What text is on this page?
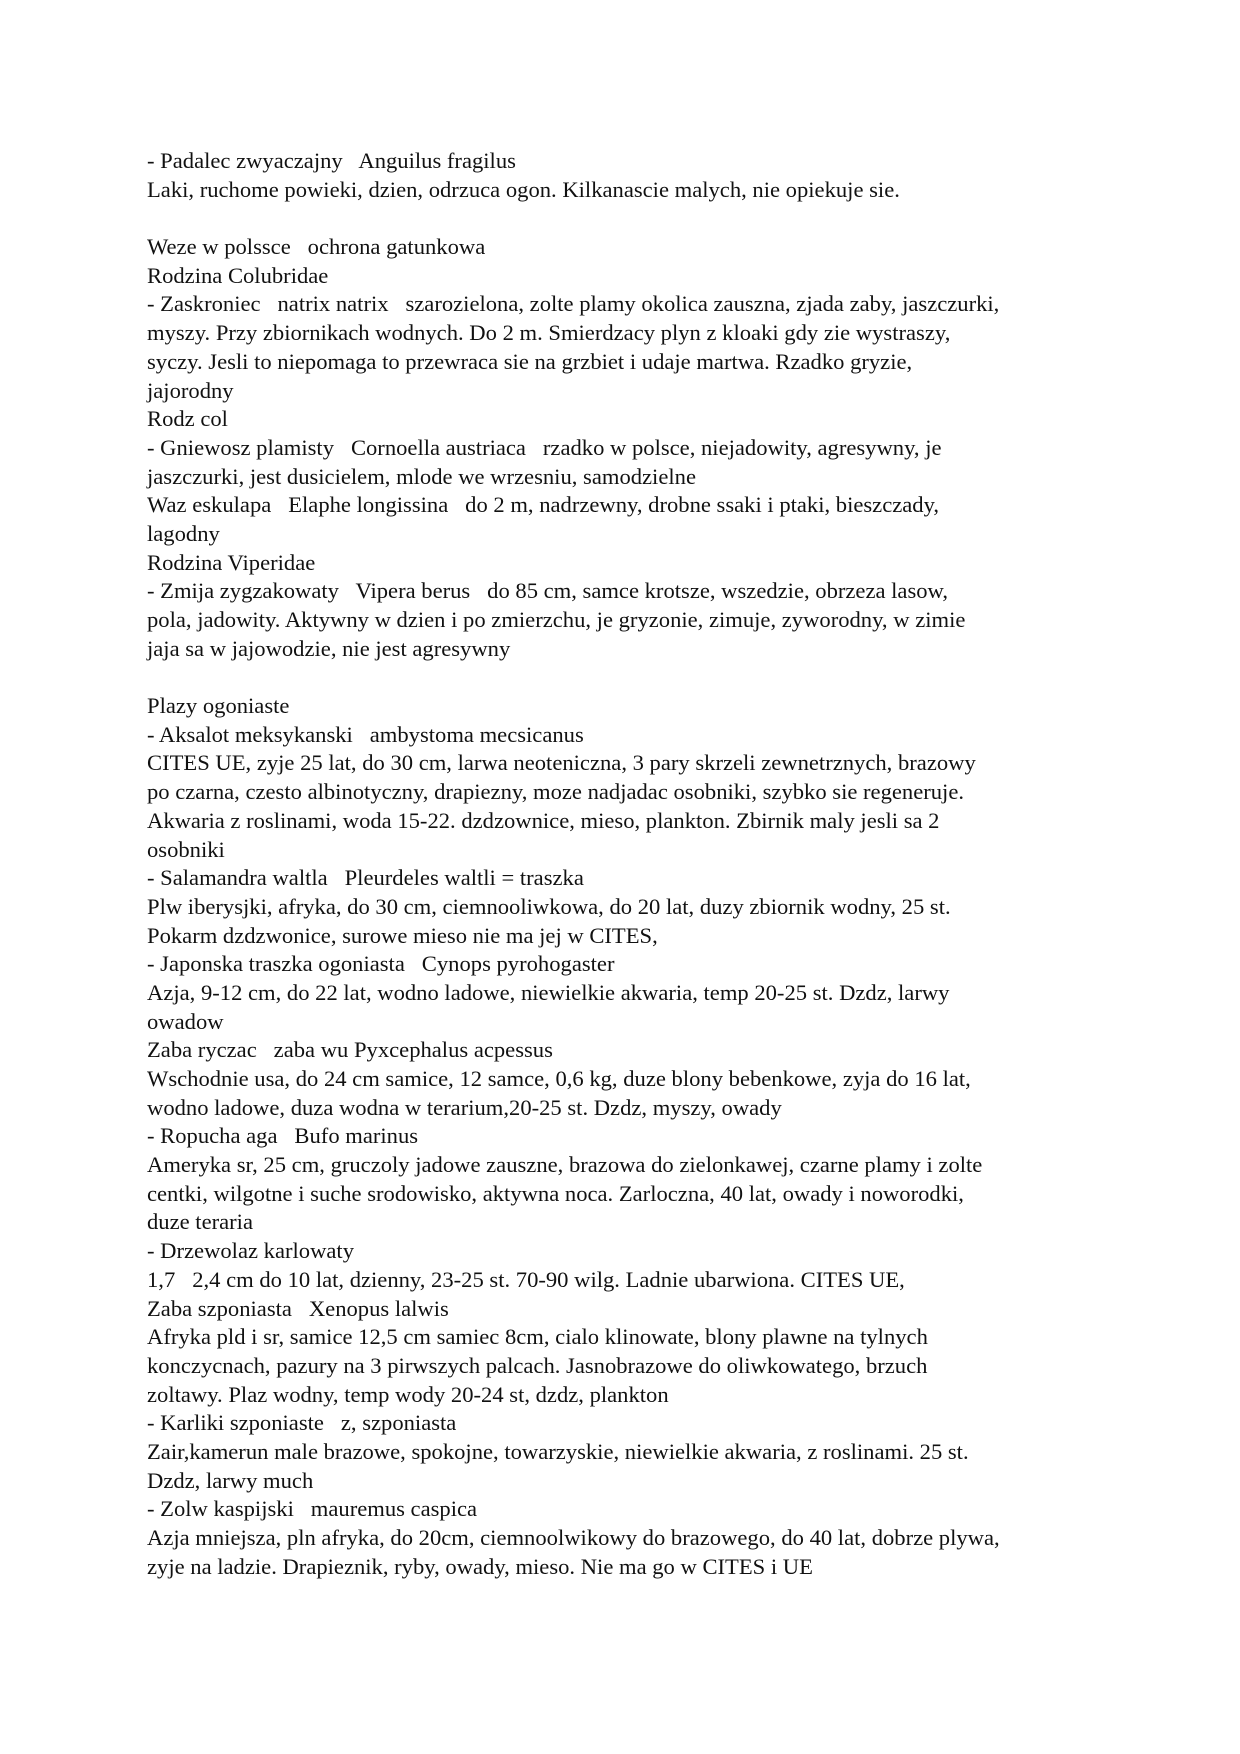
- Padalec zwyaczajny   Anguilus fragilus
Laki, ruchome powieki, dzien, odrzuca ogon. Kilkanascie malych, nie opiekuje sie.
Weze w polssce   ochrona gatunkowa
Rodzina Colubridae
- Zaskroniec   natrix natrix   szarozielona, zolte plamy okolica zauszna, zjada zaby, jaszczurki,
myszy. Przy zbiornikach wodnych. Do 2 m. Smierdzacy plyn z kloaki gdy zie wystraszy,
syczy. Jesli to niepomaga to przewraca sie na grzbiet i udaje martwa. Rzadko gryzie,
jajorodny
Rodz col
- Gniewosz plamisty   Cornoella austriaca   rzadko w polsce, niejadowity, agresywny, je
jaszczurki, jest dusicielem, mlode we wrzesniu, samodzielne
Waz eskulapa   Elaphe longissina   do 2 m, nadrzewny, drobne ssaki i ptaki, bieszczady,
lagodny
Rodzina Viperidae
- Zmija zygzakowaty   Vipera berus   do 85 cm, samce krotsze, wszedzie, obrzeza lasow,
pola, jadowity. Aktywny w dzien i po zmierzchu, je gryzonie, zimuje, zyworodny, w zimie
jaja sa w jajowodzie, nie jest agresywny
Plazy ogoniaste
- Aksalot meksykanski   ambystoma mecsicanus
CITES UE, zyje 25 lat, do 30 cm, larwa neoteniczna, 3 pary skrzeli zewnetrznych, brazowy
po czarna, czesto albinotyczny, drapiezny, moze nadjadac osobniki, szybko sie regeneruje.
Akwaria z roslinami, woda 15-22. dzdzownice, mieso, plankton. Zbirnik maly jesli sa 2
osobniki
- Salamandra waltla   Pleurdeles waltli = traszka
Plw iberysjki, afryka, do 30 cm, ciemnooliwkowa, do 20 lat, duzy zbiornik wodny, 25 st.
Pokarm dzdzwonice, surowe mieso nie ma jej w CITES,
- Japonska traszka ogoniasta   Cynops pyrohogaster
Azja, 9-12 cm, do 22 lat, wodno ladowe, niewielkie akwaria, temp 20-25 st. Dzdz, larwy
owadow
Zaba ryczac   zaba wu Pyxcephalus acpessus
Wschodnie usa, do 24 cm samice, 12 samce, 0,6 kg, duze blony bebenkowe, zyja do 16 lat,
wodno ladowe, duza wodna w terarium,20-25 st. Dzdz, myszy, owady
- Ropucha aga   Bufo marinus
Ameryka sr, 25 cm, gruczoly jadowe zauszne, brazowa do zielonkawej, czarne plamy i zolte
centki, wilgotne i suche srodowisko, aktywna noca. Zarloczna, 40 lat, owady i noworodki,
duze teraria
- Drzewolaz karlowaty
1,7   2,4 cm do 10 lat, dzienny, 23-25 st. 70-90 wilg. Ladnie ubarwiona. CITES UE,
Zaba szponiasta   Xenopus lalwis
Afryka pld i sr, samice 12,5 cm samiec 8cm, cialo klinowate, blony plawne na tylnych
konczycnach, pazury na 3 pirwszych palcach. Jasnobrazowe do oliwkowatego, brzuch
zoltawy. Plaz wodny, temp wody 20-24 st, dzdz, plankton
- Karliki szponiaste   z, szponiasta
Zair,kamerun male brazowe, spokojne, towarzyskie, niewielkie akwaria, z roslinami. 25 st.
Dzdz, larwy much
- Zolw kaspijski   mauremus caspica
Azja mniejsza, pln afryka, do 20cm, ciemnoolwikowy do brazowego, do 40 lat, dobrze plywa,
zyje na ladzie. Drapieznik, ryby, owady, mieso. Nie ma go w CITES i UE
